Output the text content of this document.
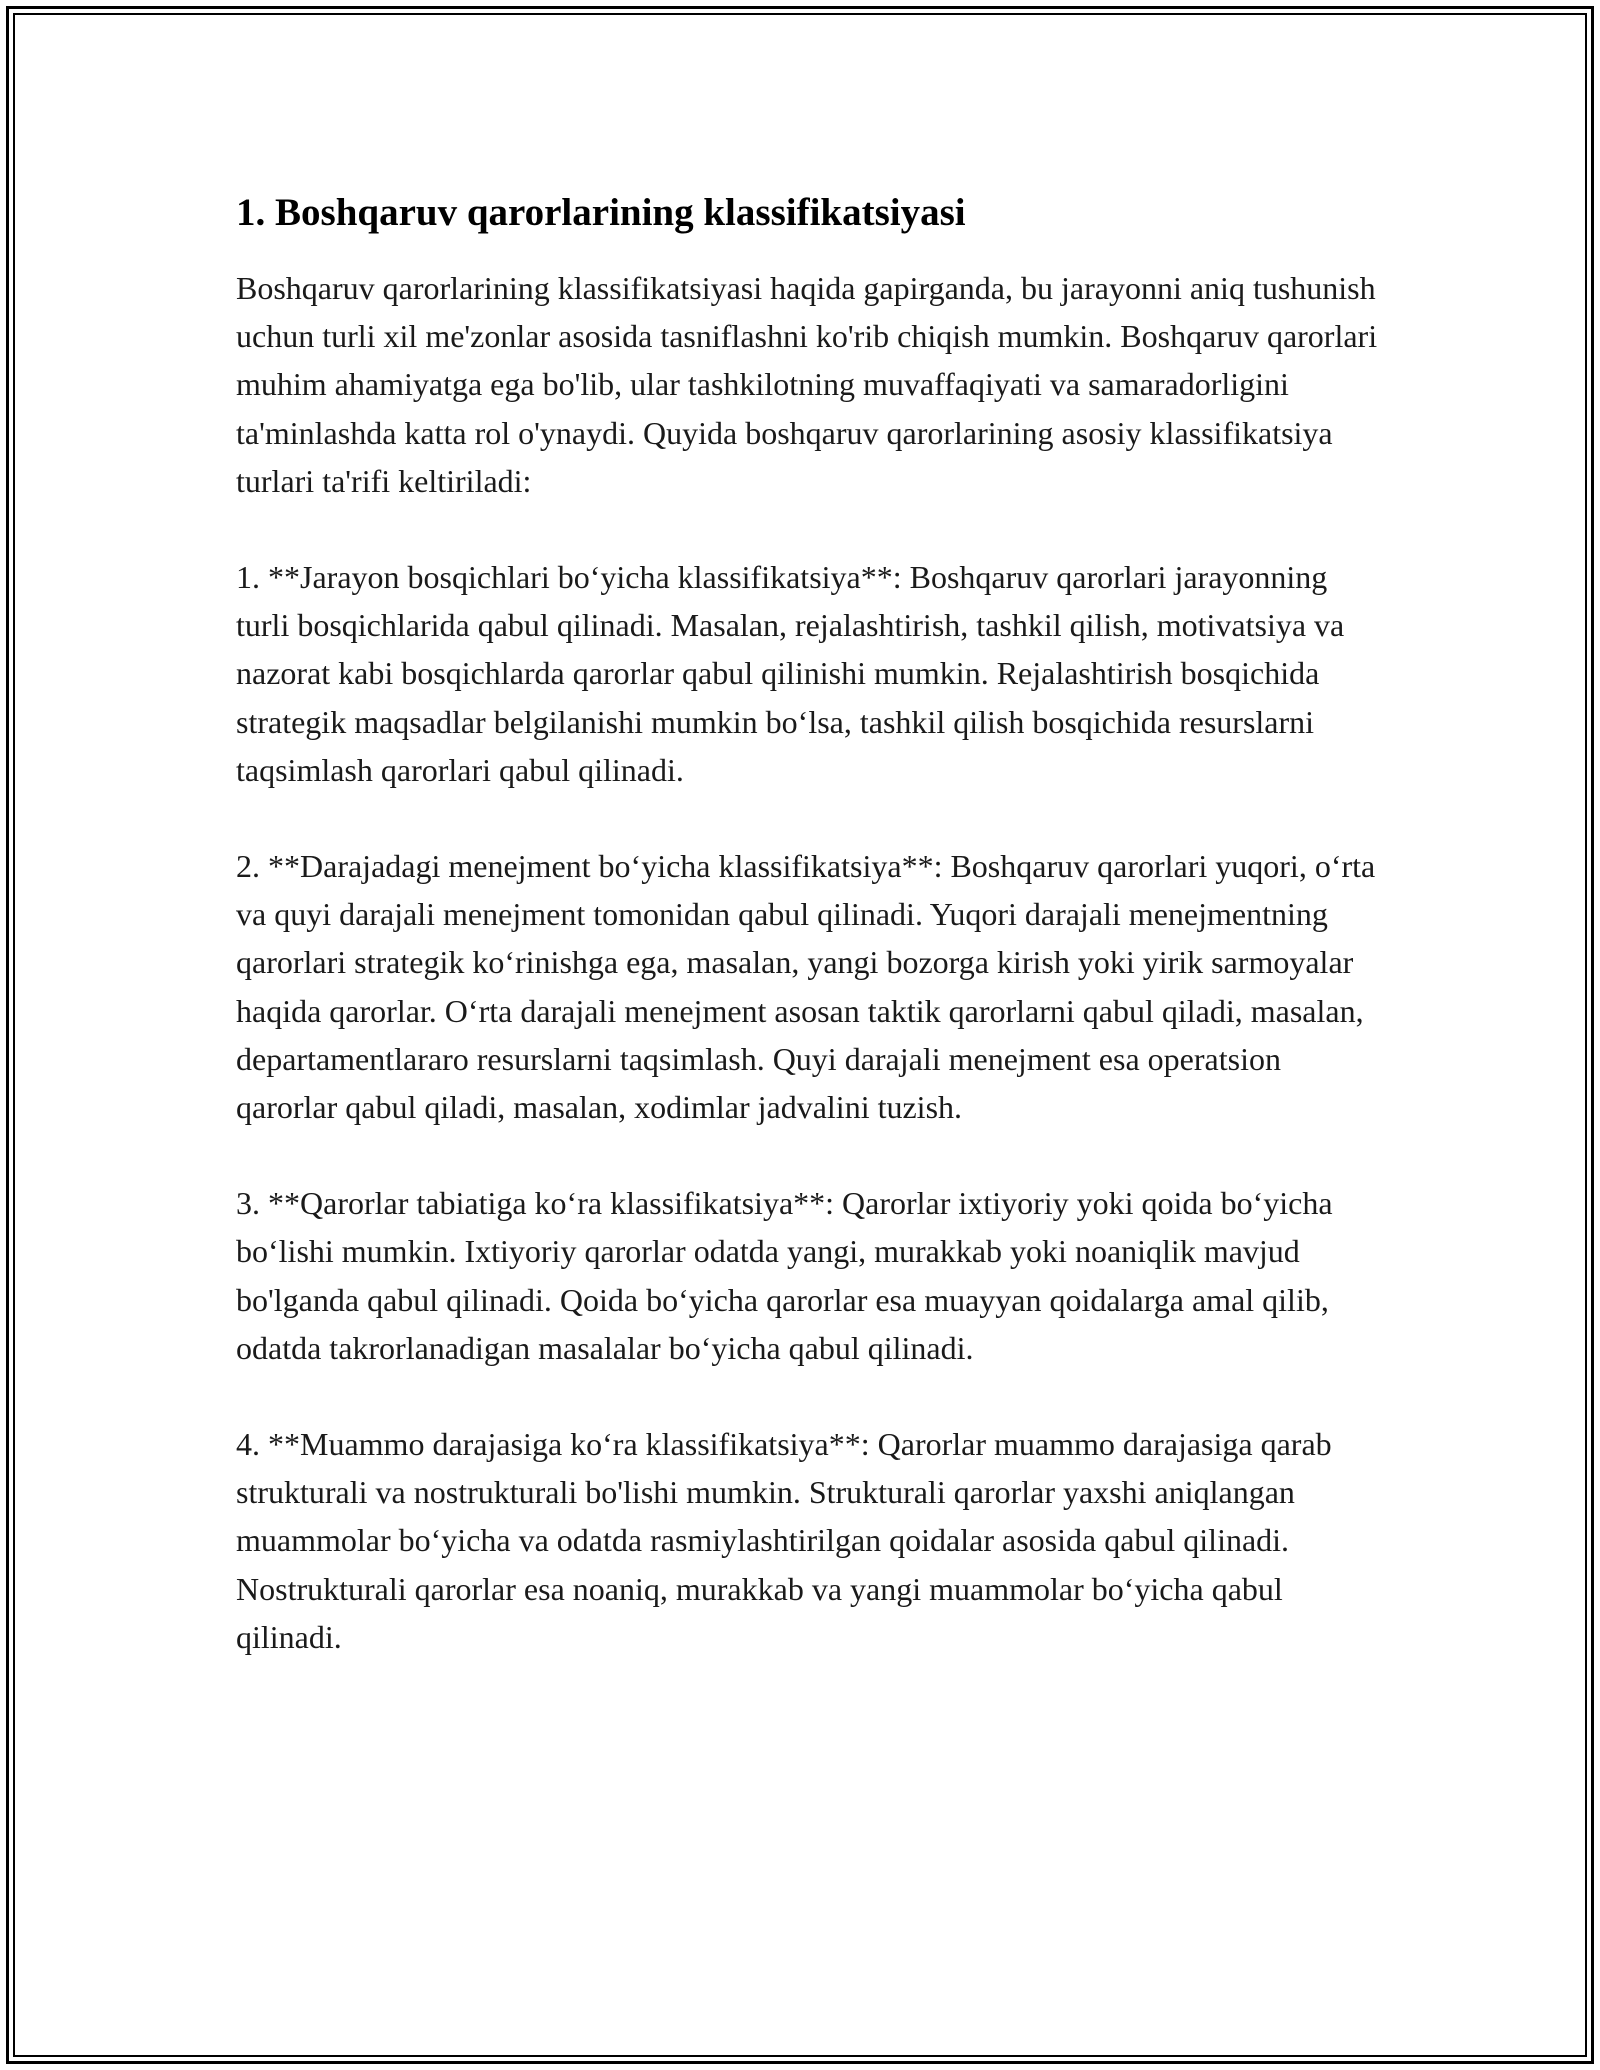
1. Boshqaruv qarorlarining klassifikatsiyasi

Boshqaruv qarorlarining klassifikatsiyasi haqida gapirganda, bu jarayonni aniq tushunish uchun turli xil me'zonlar asosida tasniflashni ko'rib chiqish mumkin. Boshqaruv qarorlari muhim ahamiyatga ega bo'lib, ular tashkilotning muvaffaqiyati va samaradorligini ta'minlashda katta rol o'ynaydi. Quyida boshqaruv qarorlarining asosiy klassifikatsiya turlari ta'rifi keltiriladi:

1. **Jarayon bosqichlari boʻyicha klassifikatsiya**: Boshqaruv qarorlari jarayonning turli bosqichlarida qabul qilinadi. Masalan, rejalashtirish, tashkil qilish, motivatsiya va nazorat kabi bosqichlarda qarorlar qabul qilinishi mumkin. Rejalashtirish bosqichida strategik maqsadlar belgilanishi mumkin boʻlsa, tashkil qilish bosqichida resurslarni taqsimlash qarorlari qabul qilinadi.

2. **Darajadagi menejment boʻyicha klassifikatsiya**: Boshqaruv qarorlari yuqori, oʻrta va quyi darajali menejment tomonidan qabul qilinadi. Yuqori darajali menejmentning qarorlari strategik koʻrinishga ega, masalan, yangi bozorga kirish yoki yirik sarmoyalar haqida qarorlar. Oʻrta darajali menejment asosan taktik qarorlarni qabul qiladi, masalan, departamentlararo resurslarni taqsimlash. Quyi darajali menejment esa operatsion qarorlar qabul qiladi, masalan, xodimlar jadvalini tuzish.

3. **Qarorlar tabiatiga koʻra klassifikatsiya**: Qarorlar ixtiyoriy yoki qoida boʻyicha boʻlishi mumkin. Ixtiyoriy qarorlar odatda yangi, murakkab yoki noaniqlik mavjud bo'lganda qabul qilinadi. Qoida boʻyicha qarorlar esa muayyan qoidalarga amal qilib, odatda takrorlanadigan masalalar boʻyicha qabul qilinadi.

4. **Muammo darajasiga koʻra klassifikatsiya**: Qarorlar muammo darajasiga qarab strukturali va nostrukturali bo'lishi mumkin. Strukturali qarorlar yaxshi aniqlangan muammolar boʻyicha va odatda rasmiylashtirilgan qoidalar asosida qabul qilinadi. Nostrukturali qarorlar esa noaniq, murakkab va yangi muammolar boʻyicha qabul qilinadi.
